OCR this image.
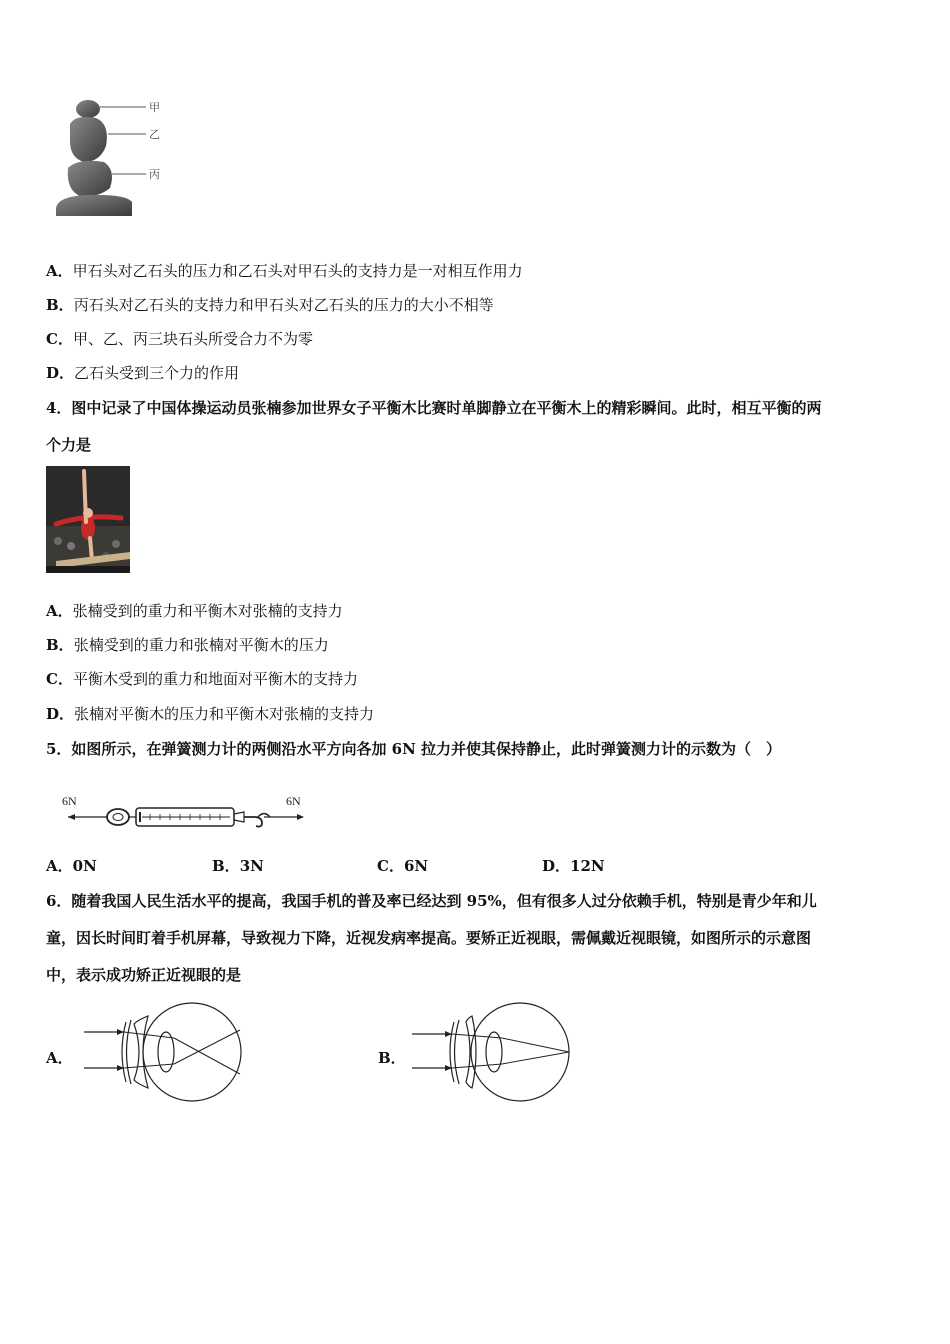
甲
乙
丙
A．甲石头对乙石头的压力和乙石头对甲石头的支持力是一对相互作用力
B．丙石头对乙石头的支持力和甲石头对乙石头的压力的大小不相等
C．甲、乙、丙三块石头所受合力不为零
D．乙石头受到三个力的作用
4．图中记录了中国体操运动员张楠参加世界女子平衡木比赛时单脚静立在平衡木上的精彩瞬间。此时，相互平衡的两
个力是
A．张楠受到的重力和平衡木对张楠的支持力
B．张楠受到的重力和张楠对平衡木的压力
C．平衡木受到的重力和地面对平衡木的支持力
D．张楠对平衡木的压力和平衡木对张楠的支持力
5．如图所示，在弹簧测力计的两侧沿水平方向各加 6N 拉力并使其保持静止，此时弹簧测力计的示数为（　）
6N	6N
A．0N	B．3N	C．6N	D．12N
6．随着我国人民生活水平的提高，我国手机的普及率已经达到 95%，但有很多人过分依赖手机，特别是青少年和儿
童，因长时间盯着手机屏幕，导致视力下降，近视发病率提高。要矫正近视眼，需佩戴近视眼镜，如图所示的示意图
中，表示成功矫正近视眼的是
A．	B．
